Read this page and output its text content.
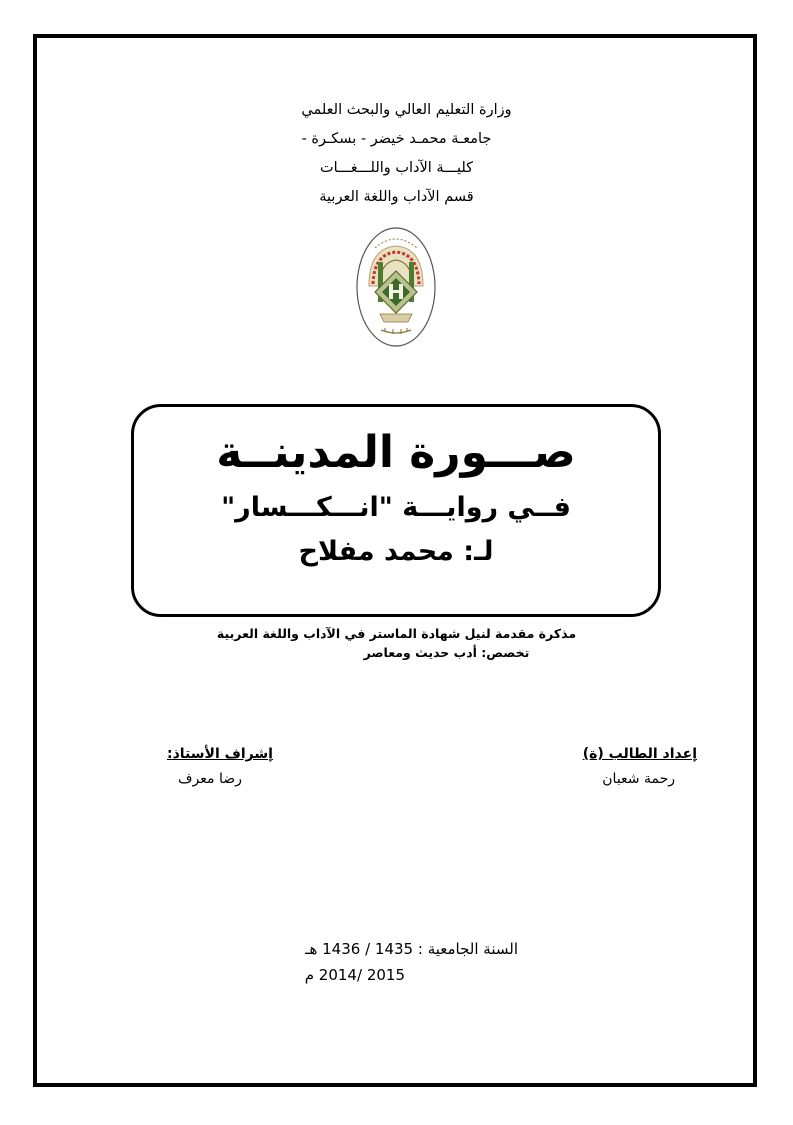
وزارة التعليم العالي والبحث العلمي
جامعـة محمـد خيضر - بسكـرة -
كليـــة الآداب واللـــغـــات
قسم الآداب واللغة العربية
صـــورة المدينــة
فــي روايـــة "انـــكـــسار"
لـ: محمد مفلاح
مذكرة مقدمة لنيل شهادة الماستر في الآداب واللغة العربية
تخصص: أدب حديث ومعاصر
إعداد الطالب (ة)
رحمة شعبان
إشراف الأستاذ:
رضا معرف
السنة الجامعية : 1435 / 1436 هـ
2015 /2014 م
